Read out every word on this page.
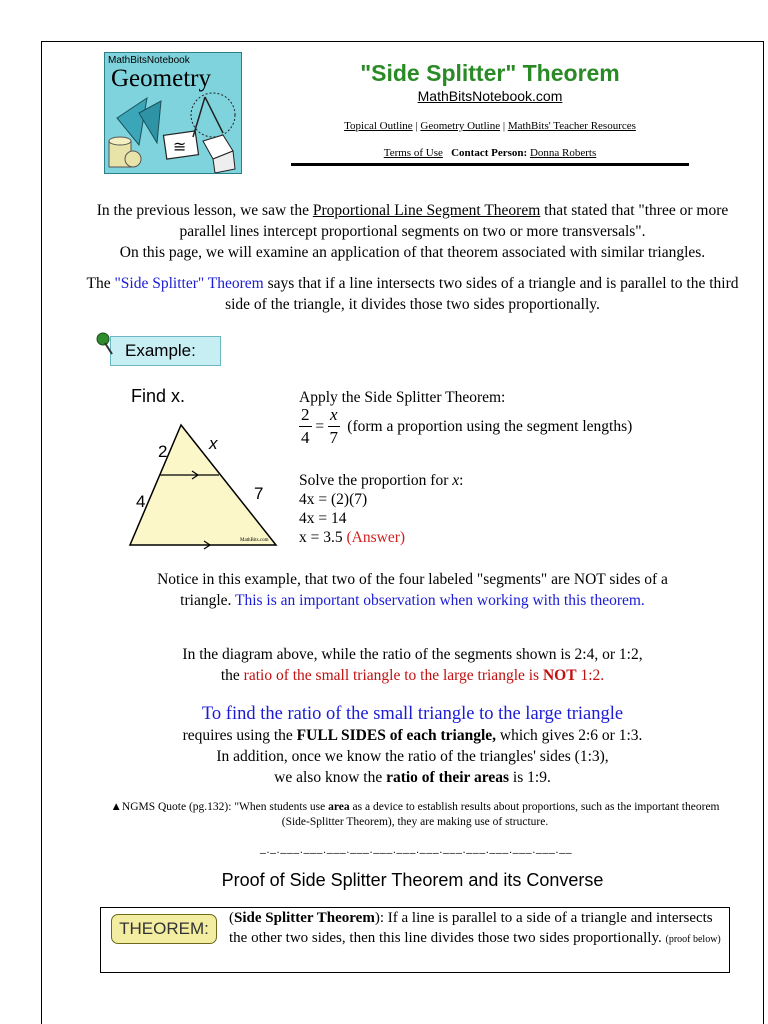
≅
MathBitsNotebook
Geometry	"Side Splitter" Theorem
MathBitsNotebook.com
Topical Outline | Geometry Outline | MathBits' Teacher Resources
Terms of Use Contact Person: Donna Roberts
In the previous lesson, we saw the Proportional Line Segment Theorem that stated that "three or more parallel lines intercept proportional segments on two or more transversals".
On this page, we will examine an application of that theorem associated with similar triangles.
The "Side Splitter" Theorem says that if a line intersects two sides of a triangle and is parallel to the third side of the triangle, it divides those two sides proportionally.
Example:
Find x.
2 x
4	7
MathBits.com
Apply the Side Splitter Theorem:
$\frac{2}{4} = \frac{x}{7}$ (form a proportion using the segment lengths)
Solve the proportion for x:
4x = (2)(7)
4x = 14
x = 3.5 (Answer)
Notice in this example, that two of the four labeled "segments" are NOT sides of a triangle. This is an important observation when working with this theorem.
In the diagram above, while the ratio of the segments shown is 2:4, or 1:2,
the ratio of the small triangle to the large triangle is NOT 1:2.
To find the ratio of the small triangle to the large triangle
requires using the FULL SIDES of each triangle, which gives 2:6 or 1:3.
In addition, once we know the ratio of the triangles' sides (1:3),
we also know the ratio of their areas is 1:9.
▲NGMS Quote (pg.132): "When students use area as a device to establish results about proportions, such as the important theorem (Side-Splitter Theorem), they are making use of structure.
‒‧‒‧‒‒‒‧‒‒‒‧‒‒‒‧‒‒‒‧‒‒‒‧‒‒‒‧‒‒‒‧‒‒‒‧‒‒‒‧‒‒‒‧‒‒‒‧‒‒‒‧‒‒
Proof of Side Splitter Theorem and its Converse
THEOREM:
(Side Splitter Theorem): If a line is parallel to a side of a triangle and intersects the other two sides, then this line divides those two sides proportionally. (proof below)
